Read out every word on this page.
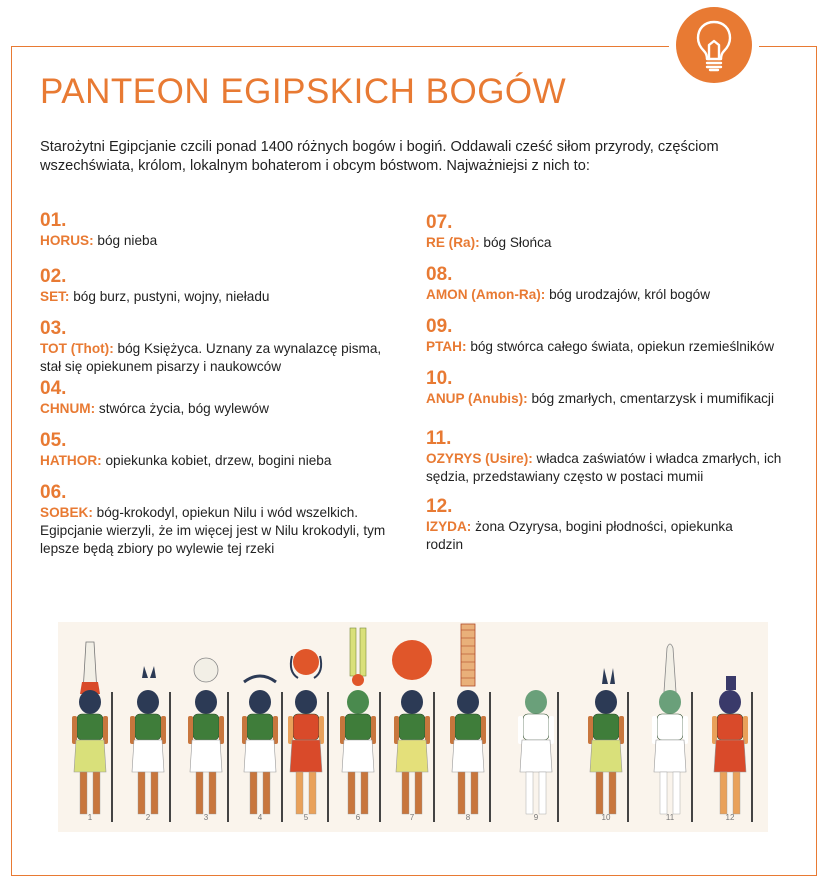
PANTEON EGIPSKICH BOGÓW
Starożytni Egipcjanie czcili ponad 1400 różnych bogów i bogiń. Oddawali cześć siłom przyrody, częściom wszechświata, królom, lokalnym bohaterom i obcym bóstwom. Najważniejsi z nich to:
01.
HORUS: bóg nieba
02.
SET: bóg burz, pustyni, wojny, nieładu
03.
TOT (Thot): bóg Księżyca. Uznany za wynalazcę pisma, stał się opiekunem pisarzy i naukowców
04.
CHNUM: stwórca życia, bóg wylewów
05.
HATHOR: opiekunka kobiet, drzew, bogini nieba
06.
SOBEK: bóg-krokodyl, opiekun Nilu i wód wszelkich. Egipcjanie wierzyli, że im więcej jest w Nilu krokodyli, tym lepsze będą zbiory po wylewie tej rzeki
07.
RE (Ra): bóg Słońca
08.
AMON (Amon-Ra): bóg urodzajów, król bogów
09.
PTAH: bóg stwórca całego świata, opiekun rzemieślników
10.
ANUP (Anubis): bóg zmarłych, cmentarzysk i mumifikacji
11.
OZYRYS (Usire): władca zaświatów i władca zmarłych, ich sędzia, przedstawiany często w postaci mumii
12.
IZYDA: żona Ozyrysa, bogini płodności, opiekunka rodzin
1	2	3	4	5	6	7	8	9	10	11	12
